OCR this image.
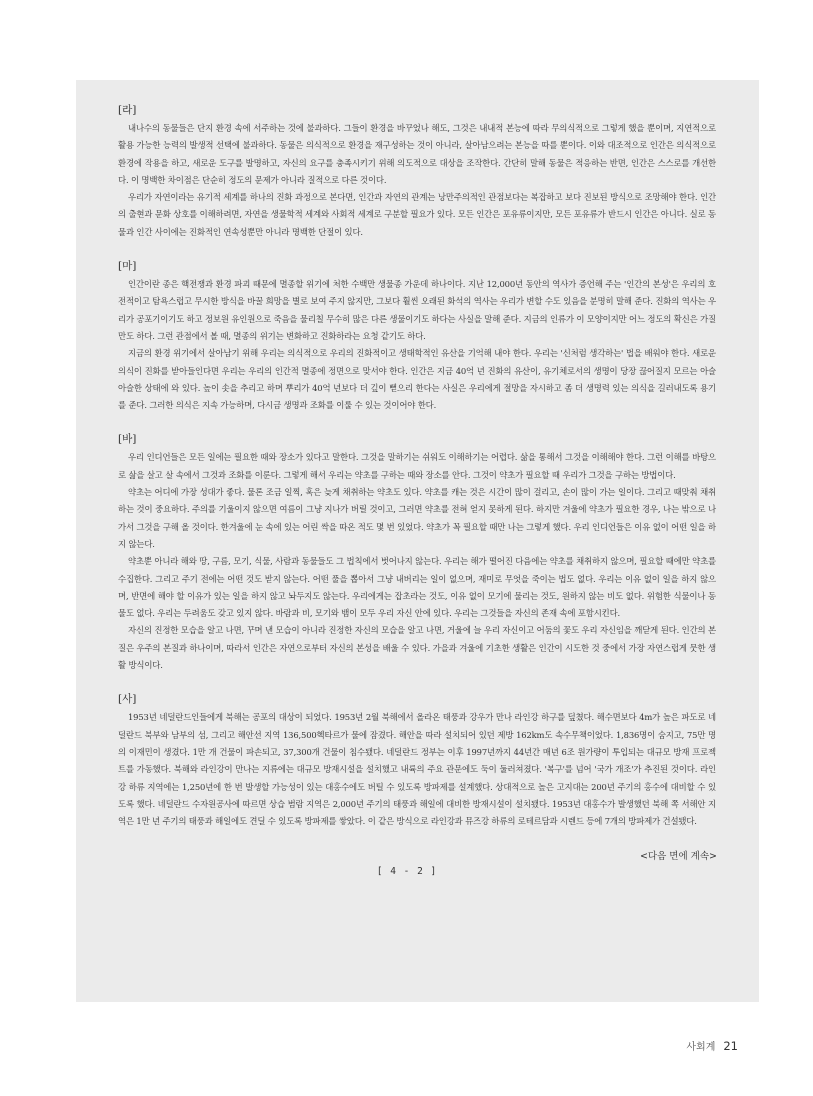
[라]

내나수의 동물들은 단지 환경 속에 서주하는 것에 불과하다. 그들이 환경을 바꾸었나 해도, 그것은 내내적 본능에 따라 무의식적으로 그렇게 했을 뿐이며, 지연적으로 활용 가능한 능력의 발생적 선택에 불과하다. 동물은 의식적으로 환경을 재구성하는 것이 아니라, 살아남으려는 본능을 따를 뿐이다. 이와 대조적으로 인간은 의식적으로 환경에 작용을 하고, 새로운 도구를 발명하고, 자신의 요구를 충족시키기 위해 의도적으로 대상을 조작한다. 간단히 말해 동물은 적응하는 반면, 인간은 스스로를 개선한다. 이 명백한 차이점은 단순히 정도의 문제가 아니라 질적으로 다른 것이다.

우리가 자연이라는 유기적 세계를 하나의 진화 과정으로 본다면, 인간과 자연의 관계는 낭만주의적인 관점보다는 복잡하고 보다 진보된 방식으로 조망해야 한다. 인간의 출현과 문화 상호를 이해하려면, 자연을 생물학적 세계와 사회적 세계로 구분할 필요가 있다. 모든 인간은 포유류이지만, 모든 포유류가 반드시 인간은 아니다. 실로 동물과 인간 사이에는 진화적인 연속성뿐만 아니라 명백한 단절이 있다.

[마]

인간이란 종은 핵전쟁과 환경 파괴 때문에 멸종할 위기에 처한 수백만 생물종 가운데 하나이다. 지난 12,000년 동안의 역사가 증언해 주는 '인간의 본성'은 우리의 호전적이고 탐욕스럽고 무시한 방식을 바꿀 희망을 별로 보여 주지 않지만, 그보다 훨씬 오래된 화석의 역사는 우리가 변할 수도 있음을 분명히 말해 준다. 진화의 역사는 우리가 공포기이기도 하고 정보원 유인원으로 죽음을 물리칠 무수히 많은 다른 생물이기도 하다는 사실을 말해 준다. 지금의 인류가 이 모양이지만 어느 정도의 확신은 가질 만도 하다. 그런 관점에서 볼 때, 멸종의 위기는 변화하고 진화하라는 요청 같기도 하다.

지금의 환경 위기에서 살아남기 위해 우리는 의식적으로 우리의 진화적이고 생태학적인 유산을 기억해 내야 한다. 우리는 '신처럼 생각하는' 법을 배워야 한다. 새로운 의식이 진화를 받아들인다면 우리는 우리의 인간적 멸종에 정면으로 맞서야 한다. 인간은 지금 40억 년 진화의 유산이, 유기체로서의 생명이 당장 끊어질지 모르는 아슬아슬한 상태에 와 있다. 높이 솟을 추리고 하며 뿌리가 40억 년보다 더 깊이 뻗으리 한다는 사실은 우리에게 절망을 자시하고 좀 더 생명력 있는 의식을 길러내도록 용기를 준다. 그러한 의식은 지속 가능하며, 다시금 생명과 조화를 이룰 수 있는 것이어야 한다.

[바]

우리 인디언들은 모든 일에는 필요한 때와 장소가 있다고 말한다. 그것을 말하기는 쉬워도 이해하기는 어렵다. 삶을 통해서 그것을 이해해야 한다. 그런 이해를 바탕으로 삶을 살고 살 속에서 그것과 조화를 이룬다. 그렇게 해서 우리는 약초를 구하는 때와 장소를 안다. 그것이 약초가 필요할 때 우리가 그것을 구하는 방법이다.

약초는 어디에 가장 성대가 좋다. 물론 조금 일찍, 혹은 늦게 채취하는 약초도 있다. 약초를 캐는 것은 시간이 많이 걸리고, 손이 많이 가는 일이다. 그리고 때맞춰 채취하는 것이 중요하다. 주의를 기울이지 않으면 여름이 그냥 지나가 버릴 것이고, 그러면 약초를 전혀 얻지 못하게 된다. 하지만 겨울에 약초가 필요한 경우, 나는 밖으로 나가서 그것을 구해 올 것이다. 한겨울에 눈 속에 있는 어린 싹을 따온 적도 몇 번 있었다. 약초가 꼭 필요할 때만 나는 그렇게 했다. 우리 인디언들은 이유 없이 어떤 일을 하지 않는다.

약초뿐 아니라 해와 땅, 구름, 모기, 식물, 사람과 동물들도 그 법칙에서 벗어나지 않는다. 우리는 해가 떨어진 다음에는 약초를 채취하지 않으며, 필요할 때에만 약초를 수집한다. 그리고 주기 전에는 어떤 것도 받지 않는다. 어떤 풀을 뽑아서 그냥 내버리는 일이 없으며, 재미로 무엇을 죽이는 법도 없다. 우리는 이유 없이 일을 하지 않으며, 반면에 해야 할 이유가 있는 일을 하지 않고 놔두지도 않는다. 우리에게는 잡초라는 것도, 이유 없이 모기에 물리는 것도, 원하지 않는 비도 없다. 위험한 식물이나 동물도 없다. 우리는 두려움도 갖고 있지 않다. 바람과 비, 모기와 뱀이 모두 우리 자신 안에 있다. 우리는 그것들을 자신의 존재 속에 포함시킨다.

자신의 진정한 모습을 알고 나면, 꾸며 낸 모습이 아니라 진정한 자신의 모습을 알고 나면, 거울에 늘 우리 자신이고 어둠의 꽃도 우리 자신임을 깨닫게 된다. 인간의 본질은 우주의 본질과 하나이며, 따라서 인간은 자연으로부터 자신의 본성을 배울 수 있다. 가을과 겨울에 기초한 생활은 인간이 시도한 것 중에서 가장 자연스럽게 뭇한 생활 방식이다.

[사]

1953년 네덜란드인들에게 북해는 공포의 대상이 되었다. 1953년 2월 북해에서 올라온 태풍과 강우가 만나 라인강 하구를 덮쳤다. 해수면보다 4m가 높은 파도로 네덜란드 북부와 남부의 섬, 그리고 해안선 지역 136,500헥타르가 물에 잠겼다. 해안을 따라 설치되어 있던 제방 162km도 속수무책이었다. 1,836명이 숨지고, 75만 명의 이재민이 생겼다. 1만 개 건물이 파손되고, 37,300개 건물이 침수됐다. 네덜란드 정부는 이후 1997년까지 44년간 매년 6조 원가량이 투입되는 대규모 방재 프로젝트를 가동했다. 북해와 라인강이 만나는 지류에는 대규모 방재시설을 설치했고 내륙의 주요 관문에도 둑이 둘러쳐졌다. '복구'를 넘어 '국가 개조'가 추진된 것이다. 라인강 하류 지역에는 1,250년에 한 번 발생할 가능성이 있는 대홍수에도 버틸 수 있도록 방파제를 설계했다. 상대적으로 높은 고지대는 200년 주기의 홍수에 대비할 수 있도록 했다. 네덜란드 수자원공사에 따르면 상습 범람 지역은 2,000년 주기의 태풍과 해일에 대비한 방재시설이 설치됐다. 1953년 대홍수가 발생했던 북해 쪽 서해안 지역은 1만 년 주기의 태풍과 해일에도 견딜 수 있도록 방파제를 쌓았다. 이 같은 방식으로 라인강과 뮤즈강 하류의 로테르담과 시렌드 등에 7개의 방파제가 건설됐다.

<다음 면에 계속>
[ 4 - 2 ]
사회계 21
